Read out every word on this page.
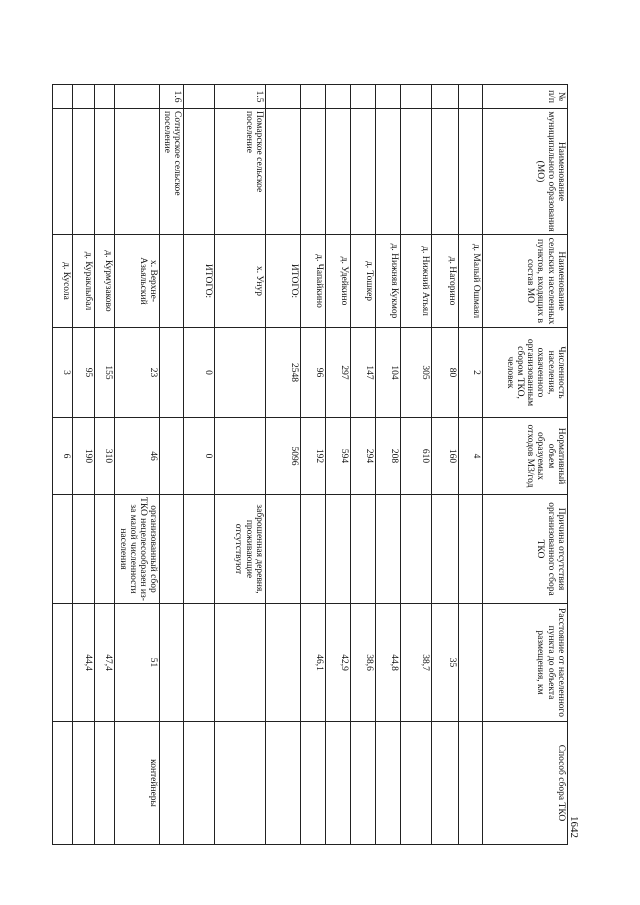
1642
№ п/п	Наименование муниципального образования (МО)	Наименование сельских населенных пунктов, входящих в состав МО	Численность населения, охваченного организованным сбором ТКО, человек	Нормативный объем образуемых отходов М3/год	Причина отсутствия организованного сбора ТКО	Расстояние от населенного пункта до объекта размещения, км	Способ сбора ТКО
		д. Малый Ошмаял	2	4			
		д. Нагорино	80	160		35	
		д. Нижний Атьял	305	610		38,7	
		д. Нижняя Кукмор	104	208		44,8	
		д. Тошкер	147	294		38,6	
		д. Удейкино	297	594		42,9	
		д. Чапайкино	96	192		46,1	
		ИТОГО:	2548	5096			
1.5	Помарское сельское поселение	х. Унур			заброшенная деревня, проживающие отсутствуют		
		ИТОГО:	0	0			
1.6	Сотнурское сельское поселение						
		х. Верхне-Азьяльский	23	46	организованный сбор ТКО нецелесообразен из-за малой численности населения	51	контейнеры
		д. Курмузаково	155	310		47,4	
		д. Кураклыбал	95	190		44,4	
		д. Кусола	3	6			
